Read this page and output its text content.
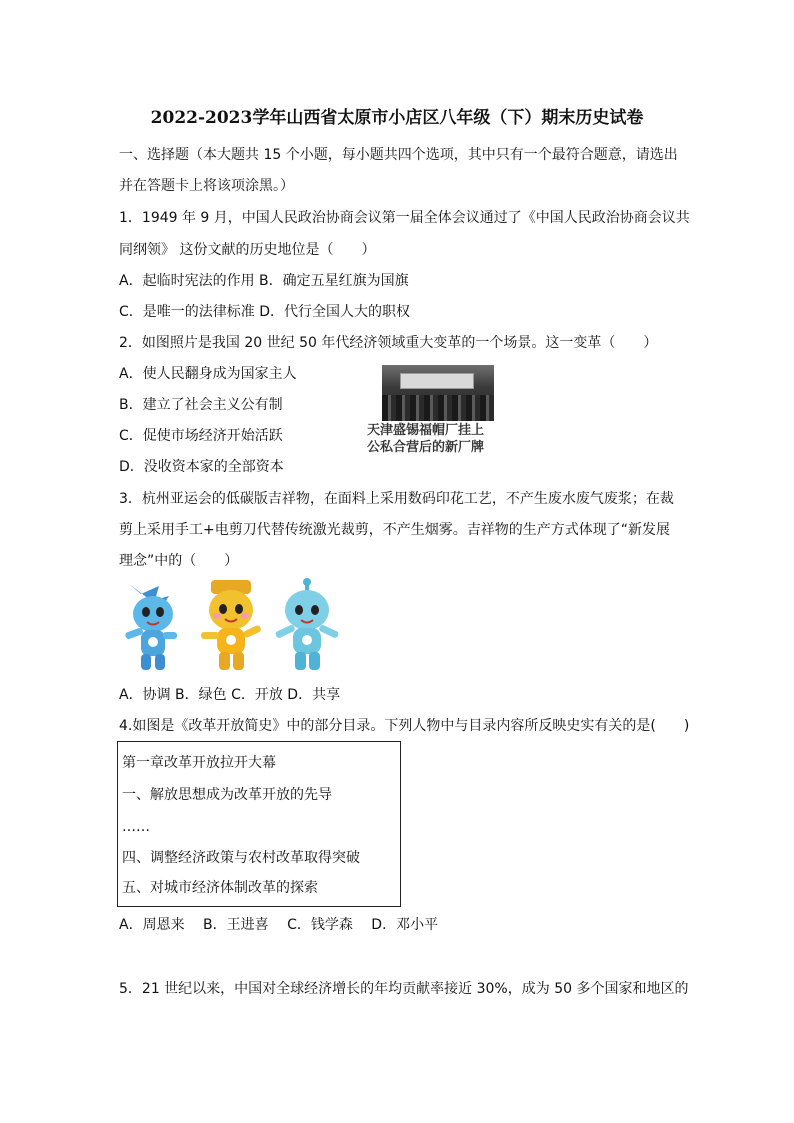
2022-2023学年山西省太原市小店区八年级（下）期末历史试卷
一、选择题（本大题共 15 个小题，每小题共四个选项，其中只有一个最符合题意，请选出
并在答题卡上将该项涂黑。）
1．1949 年 9 月，中国人民政治协商会议第一届全体会议通过了《中国人民政治协商会议共
同纲领》 这份文献的历史地位是（　　）
A．起临时宪法的作用 B．确定五星红旗为国旗
C．是唯一的法律标准 D．代行全国人大的职权
2．如图照片是我国 20 世纪 50 年代经济领域重大变革的一个场景。这一变革（　　）
A．使人民翻身成为国家主人
B．建立了社会主义公有制
C．促使市场经济开始活跃
D．没收资本家的全部资本
天津盛锡福帽厂挂上
公私合营后的新厂牌
3．杭州亚运会的低碳版吉祥物，在面料上采用数码印花工艺，不产生废水废气废浆；在裁
剪上采用手工+电剪刀代替传统激光裁剪，不产生烟雾。吉祥物的生产方式体现了“新发展
理念”中的（　　）
A．协调 B．绿色 C．开放 D．共享
4.如图是《改革开放简史》中的部分目录。下列人物中与目录内容所反映史实有关的是(　　)
第一章改革开放拉开大幕
一、解放思想成为改革开放的先导
……
四、调整经济政策与农村改革取得突破
五、对城市经济体制改革的探索
A．周恩来　 B．王进喜　 C．钱学森　 D．邓小平
5．21 世纪以来，中国对全球经济增长的年均贡献率接近 30%，成为 50 多个国家和地区的
